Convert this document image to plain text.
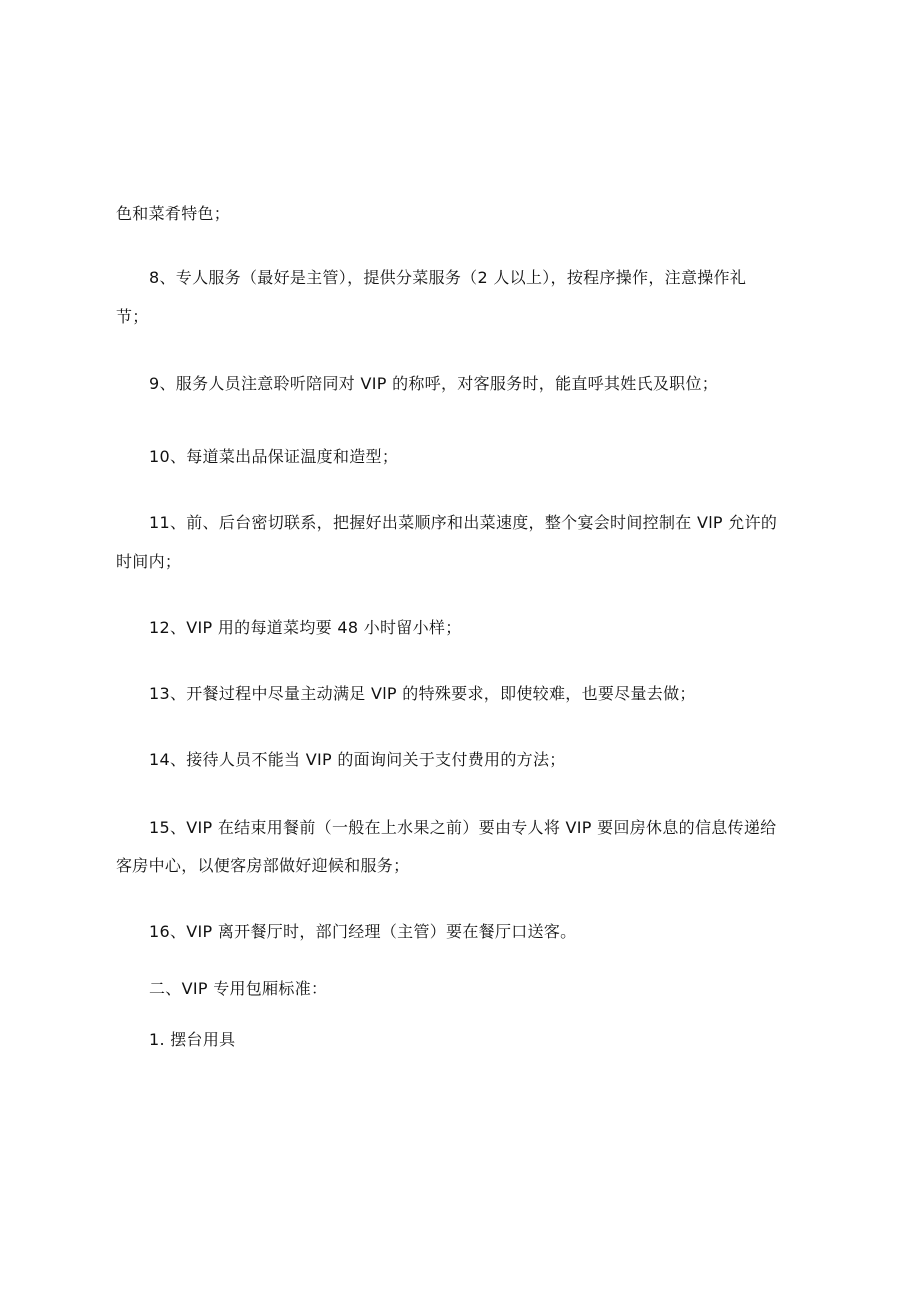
色和菜肴特色；
8、专人服务（最好是主管），提供分菜服务（2 人以上），按程序操作，注意操作礼
节；
9、服务人员注意聆听陪同对 VIP 的称呼，对客服务时，能直呼其姓氏及职位；
10、每道菜出品保证温度和造型；
11、前、后台密切联系，把握好出菜顺序和出菜速度，整个宴会时间控制在 VlP 允许的
时间内；
12、VIP 用的每道菜均要 48 小时留小样；
13、开餐过程中尽量主动满足 VlP 的特殊要求，即使较难，也要尽量去做；
14、接待人员不能当 VIP 的面询问关于支付费用的方法；
15、VIP 在结束用餐前（一般在上水果之前）要由专人将 VIP 要回房休息的信息传递给
客房中心，以便客房部做好迎候和服务；
16、VIP 离开餐厅时，部门经理（主管）要在餐厅口送客。
二、VIP 专用包厢标准：
1. 摆台用具
